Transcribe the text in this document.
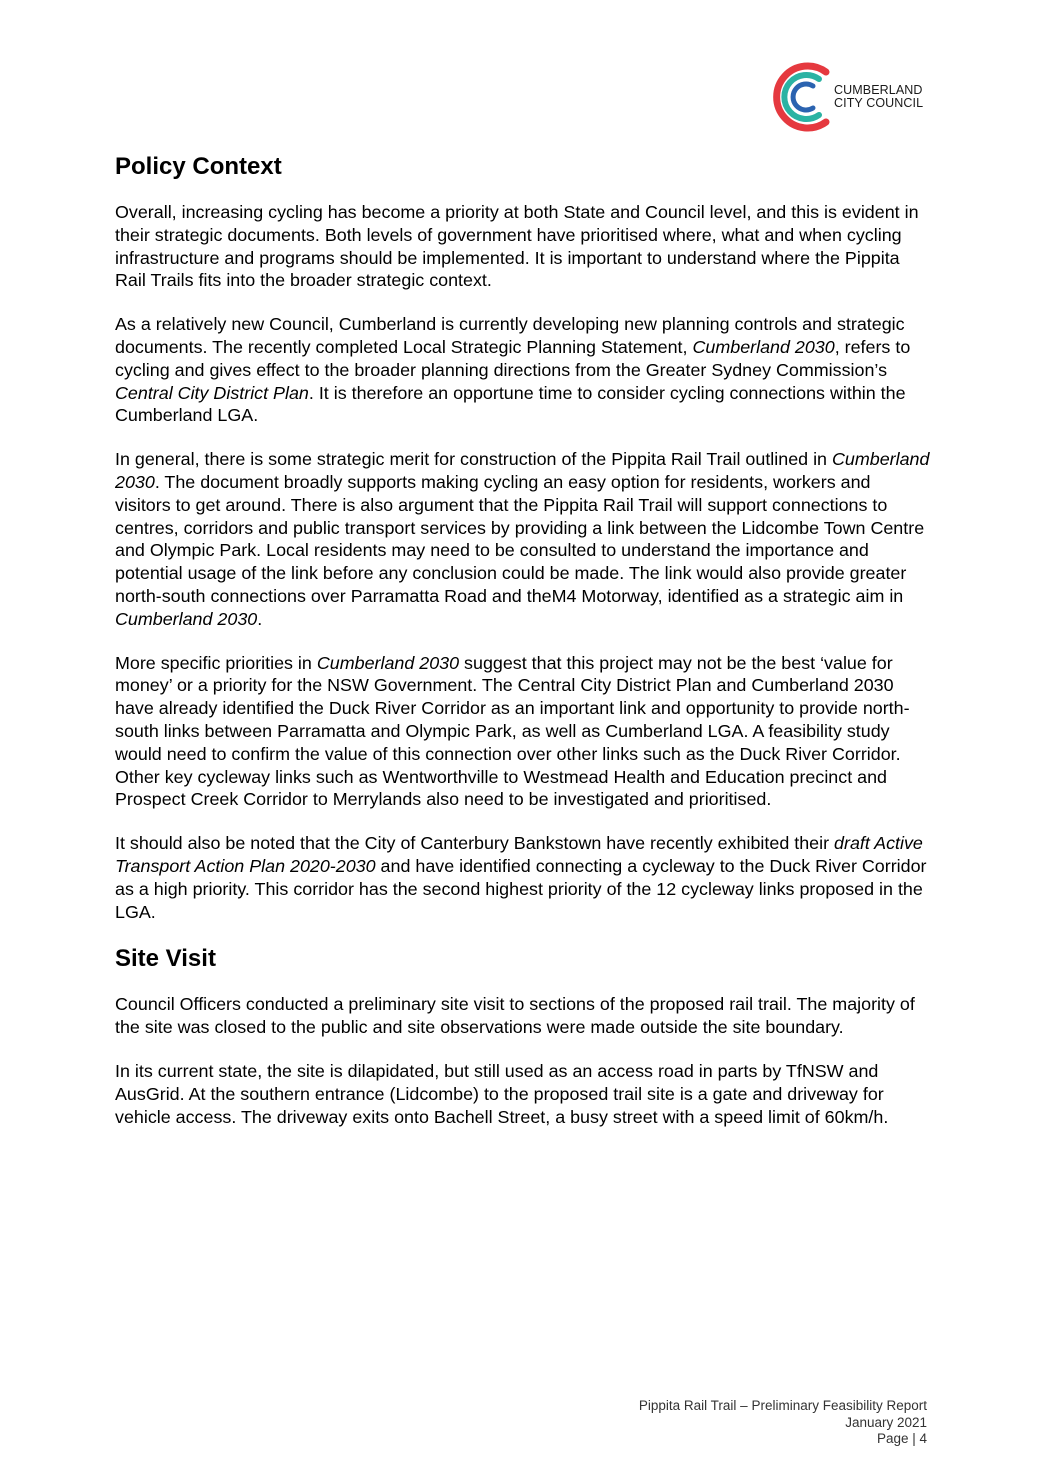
CUMBERLAND
CITY COUNCIL
Policy Context

Overall, increasing cycling has become a priority at both State and Council level, and this is evident in their strategic documents. Both levels of government have prioritised where, what and when cycling infrastructure and programs should be implemented. It is important to understand where the Pippita Rail Trails fits into the broader strategic context.

As a relatively new Council, Cumberland is currently developing new planning controls and strategic documents. The recently completed Local Strategic Planning Statement, Cumberland 2030, refers to cycling and gives effect to the broader planning directions from the Greater Sydney Commission’s Central City District Plan. It is therefore an opportune time to consider cycling connections within the Cumberland LGA.

In general, there is some strategic merit for construction of the Pippita Rail Trail outlined in Cumberland 2030. The document broadly supports making cycling an easy option for residents, workers and visitors to get around. There is also argument that the Pippita Rail Trail will support connections to centres, corridors and public transport services by providing a link between the Lidcombe Town Centre and Olympic Park. Local residents may need to be consulted to understand the importance and potential usage of the link before any conclusion could be made. The link would also provide greater north-south connections over Parramatta Road and theM4 Motorway, identified as a strategic aim in Cumberland 2030.

More specific priorities in Cumberland 2030 suggest that this project may not be the best ‘value for money’ or a priority for the NSW Government. The Central City District Plan and Cumberland 2030 have already identified the Duck River Corridor as an important link and opportunity to provide north-south links between Parramatta and Olympic Park, as well as Cumberland LGA. A feasibility study would need to confirm the value of this connection over other links such as the Duck River Corridor. Other key cycleway links such as Wentworthville to Westmead Health and Education precinct and Prospect Creek Corridor to Merrylands also need to be investigated and prioritised.

It should also be noted that the City of Canterbury Bankstown have recently exhibited their draft Active Transport Action Plan 2020-2030 and have identified connecting a cycleway to the Duck River Corridor as a high priority. This corridor has the second highest priority of the 12 cycleway links proposed in the LGA.

Site Visit

Council Officers conducted a preliminary site visit to sections of the proposed rail trail. The majority of the site was closed to the public and site observations were made outside the site boundary.

In its current state, the site is dilapidated, but still used as an access road in parts by TfNSW and AusGrid. At the southern entrance (Lidcombe) to the proposed trail site is a gate and driveway for vehicle access. The driveway exits onto Bachell Street, a busy street with a speed limit of 60km/h.

Pippita Rail Trail – Preliminary Feasibility Report
January 2021
Page | 4
